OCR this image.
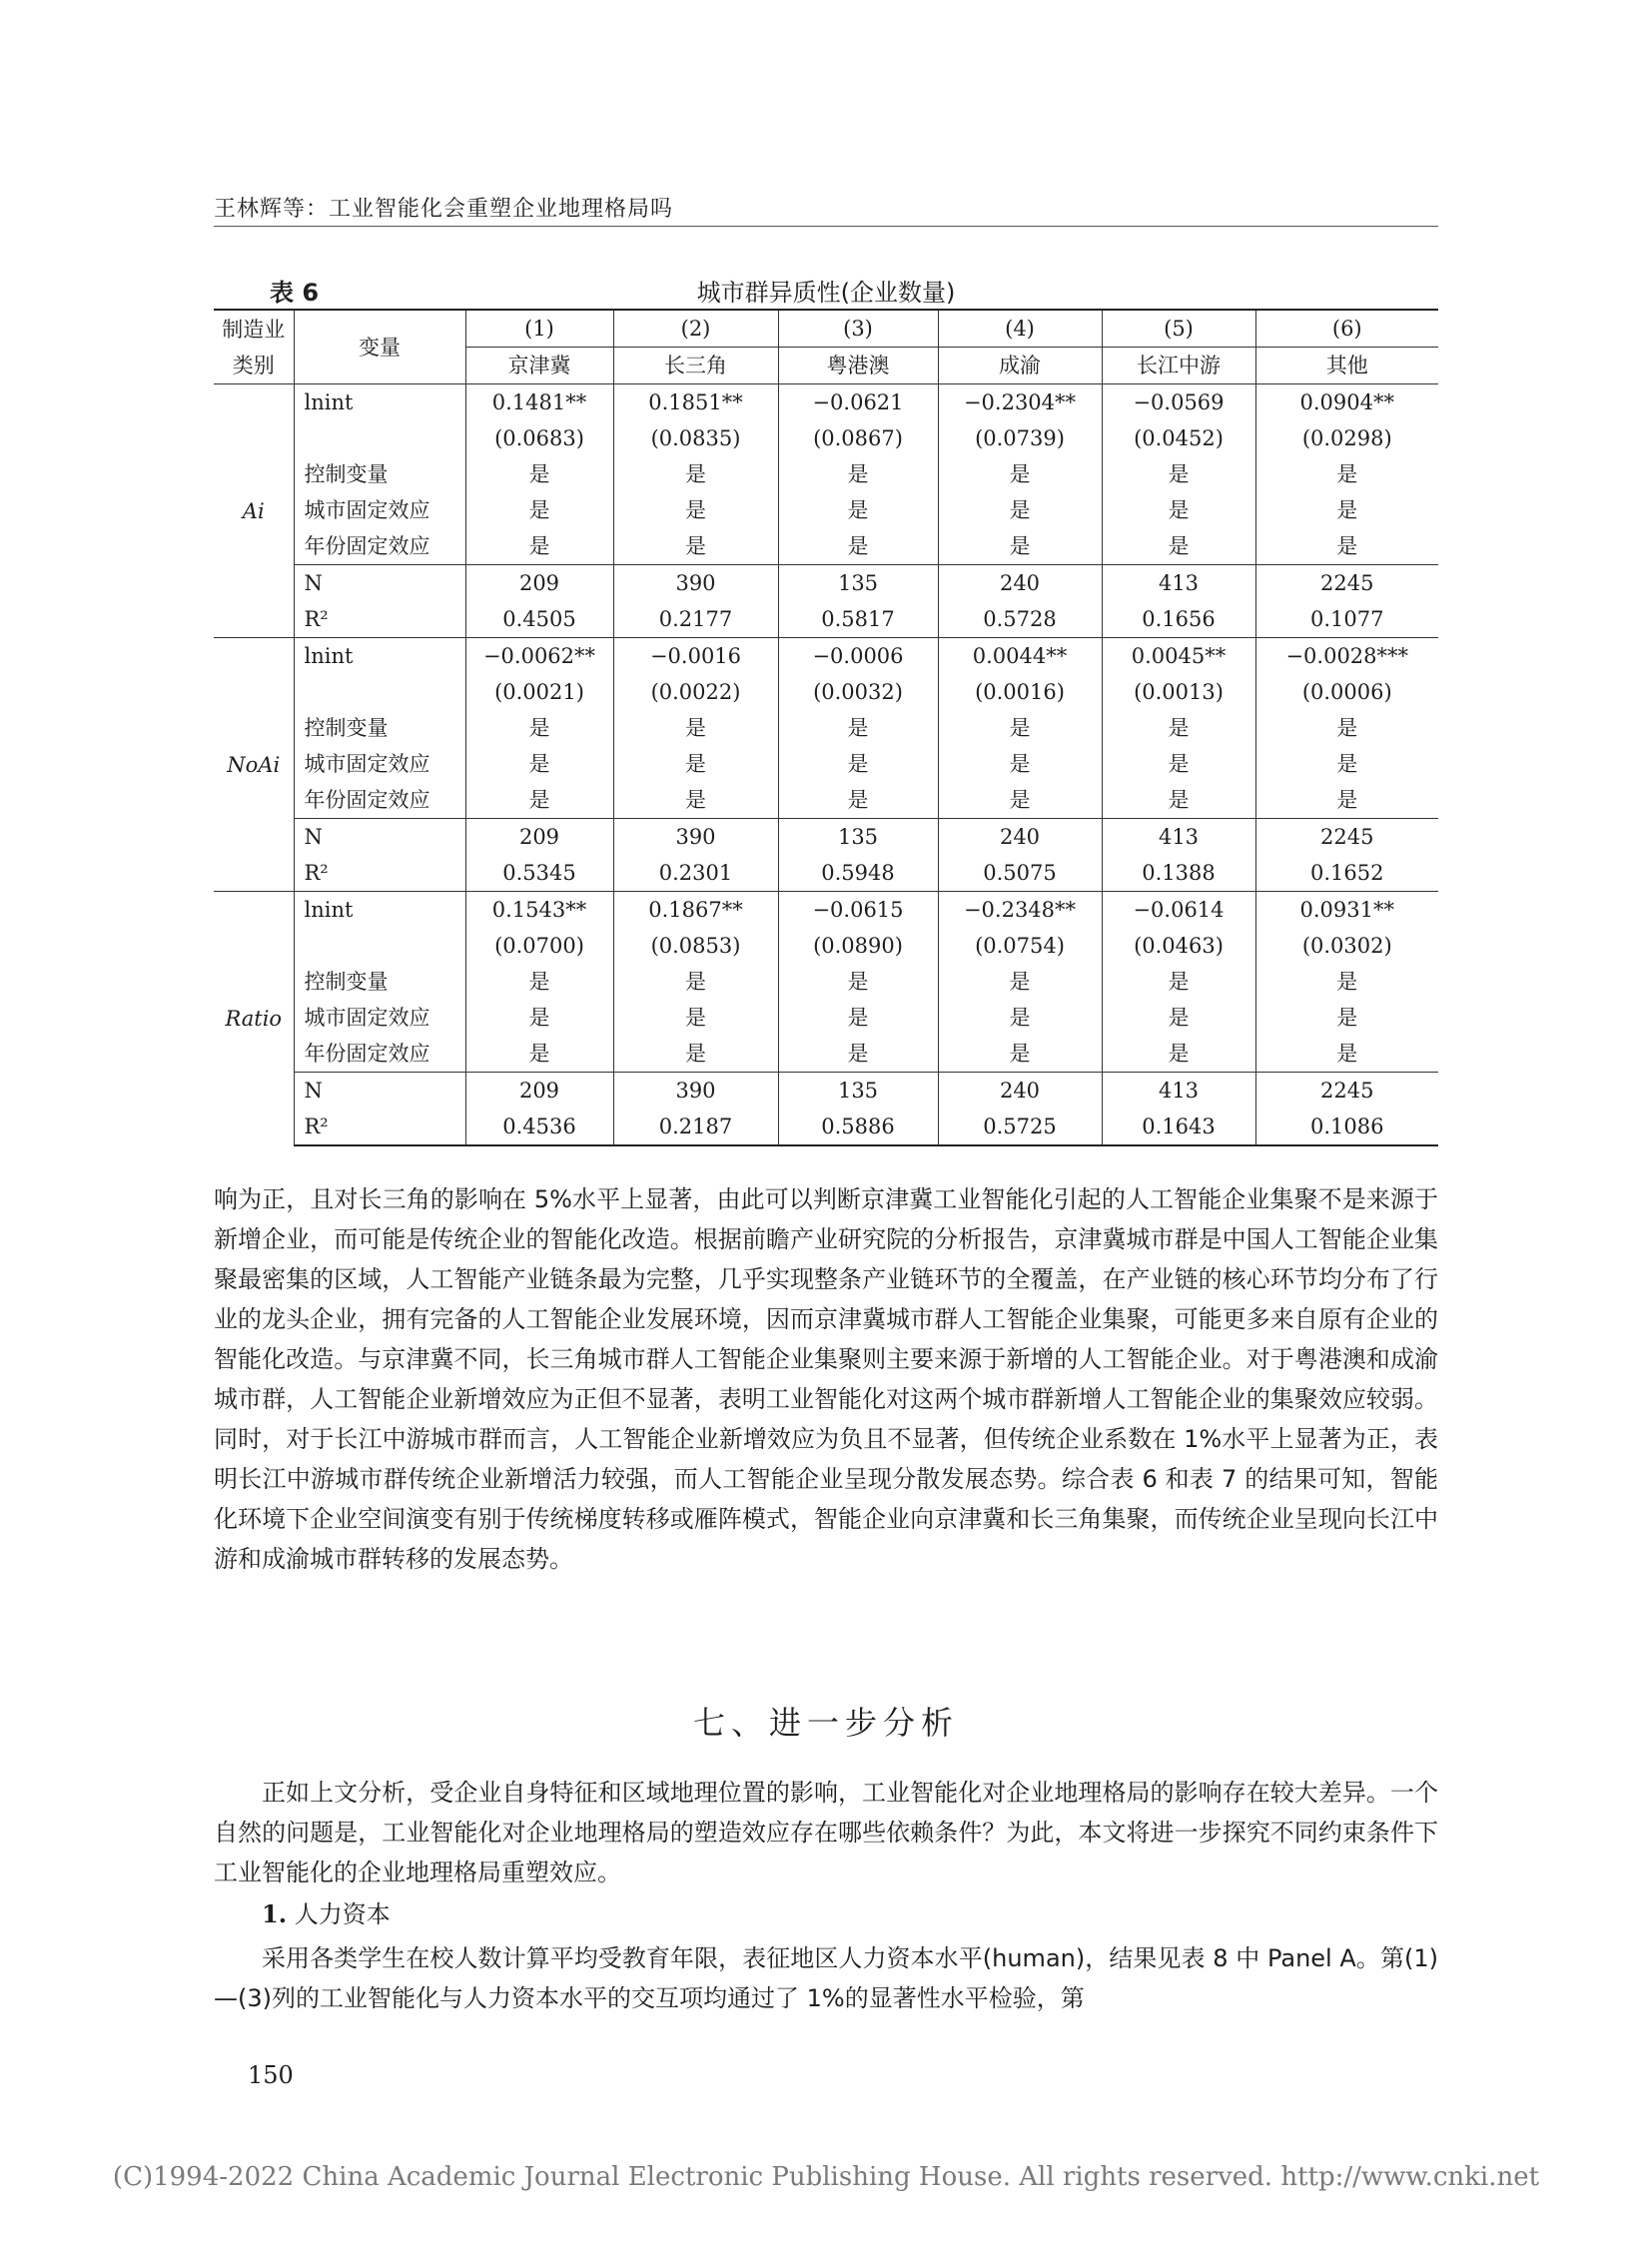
王林辉等：工业智能化会重塑企业地理格局吗
表 6	城市群异质性(企业数量)
制造业
类别	变量	(1)	(2)	(3)	(4)	(5)	(6)
		京津冀	长三角	粤港澳	成渝	长江中游	其他
Ai	lnint	0.1481**	0.1851**	−0.0621	−0.2304**	−0.0569	0.0904**
		(0.0683)	(0.0835)	(0.0867)	(0.0739)	(0.0452)	(0.0298)
	控制变量	是	是	是	是	是	是
	城市固定效应	是	是	是	是	是	是
	年份固定效应	是	是	是	是	是	是
	N	209	390	135	240	413	2245
	R²	0.4505	0.2177	0.5817	0.5728	0.1656	0.1077
NoAi	lnint	−0.0062**	−0.0016	−0.0006	0.0044**	0.0045**	−0.0028***
		(0.0021)	(0.0022)	(0.0032)	(0.0016)	(0.0013)	(0.0006)
	控制变量	是	是	是	是	是	是
	城市固定效应	是	是	是	是	是	是
	年份固定效应	是	是	是	是	是	是
	N	209	390	135	240	413	2245
	R²	0.5345	0.2301	0.5948	0.5075	0.1388	0.1652
Ratio	lnint	0.1543**	0.1867**	−0.0615	−0.2348**	−0.0614	0.0931**
		(0.0700)	(0.0853)	(0.0890)	(0.0754)	(0.0463)	(0.0302)
	控制变量	是	是	是	是	是	是
	城市固定效应	是	是	是	是	是	是
	年份固定效应	是	是	是	是	是	是
	N	209	390	135	240	413	2245
	R²	0.4536	0.2187	0.5886	0.5725	0.1643	0.1086

响为正，且对长三角的影响在 5%水平上显著，由此可以判断京津冀工业智能化引起的人工智能企业集聚不是来源于新增企业，而可能是传统企业的智能化改造。根据前瞻产业研究院的分析报告，京津冀城市群是中国人工智能企业集聚最密集的区域，人工智能产业链条最为完整，几乎实现整条产业链环节的全覆盖，在产业链的核心环节均分布了行业的龙头企业，拥有完备的人工智能企业发展环境，因而京津冀城市群人工智能企业集聚，可能更多来自原有企业的智能化改造。与京津冀不同，长三角城市群人工智能企业集聚则主要来源于新增的人工智能企业。对于粤港澳和成渝城市群，人工智能企业新增效应为正但不显著，表明工业智能化对这两个城市群新增人工智能企业的集聚效应较弱。同时，对于长江中游城市群而言，人工智能企业新增效应为负且不显著，但传统企业系数在 1%水平上显著为正，表明长江中游城市群传统企业新增活力较强，而人工智能企业呈现分散发展态势。综合表 6 和表 7 的结果可知，智能化环境下企业空间演变有别于传统梯度转移或雁阵模式，智能企业向京津冀和长三角集聚，而传统企业呈现向长江中游和成渝城市群转移的发展态势。

七、进一步分析

正如上文分析，受企业自身特征和区域地理位置的影响，工业智能化对企业地理格局的影响存在较大差异。一个自然的问题是，工业智能化对企业地理格局的塑造效应存在哪些依赖条件？为此，本文将进一步探究不同约束条件下工业智能化的企业地理格局重塑效应。

1. 人力资本

采用各类学生在校人数计算平均受教育年限，表征地区人力资本水平(human)，结果见表 8 中 Panel A。第(1)—(3)列的工业智能化与人力资本水平的交互项均通过了 1%的显著性水平检验，第

150
(C)1994-2022 China Academic Journal Electronic Publishing House. All rights reserved. http://www.cnki.net
